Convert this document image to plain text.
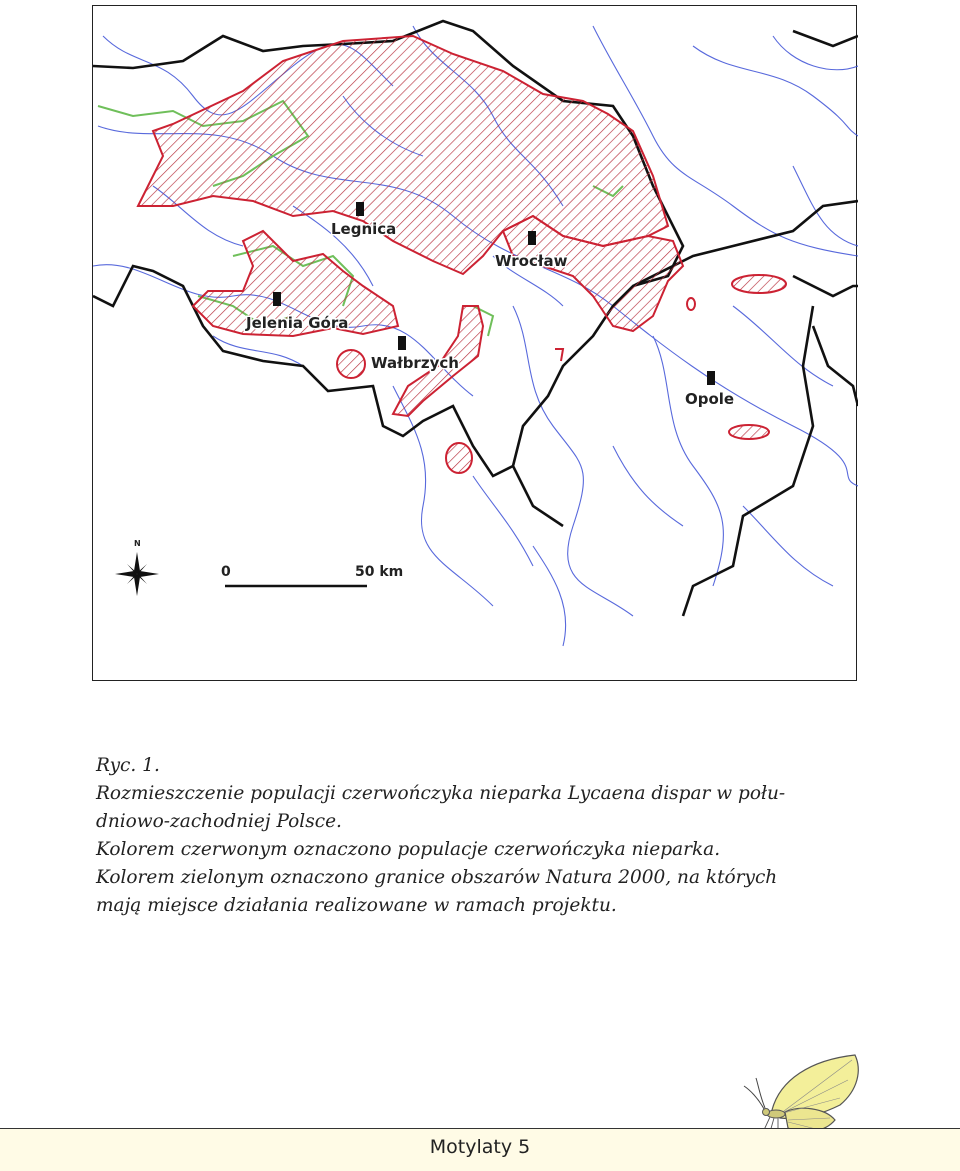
Legnica
Wrocław
Jelenia Góra
Wałbrzych
Opole
N
0	50 km
Ryc. 1.
Rozmieszczenie populacji czerwończyka nieparka Lycaena dispar w połu-
dniowo-zachodniej Polsce.
Kolorem czerwonym oznaczono populacje czerwończyka nieparka.
Kolorem zielonym oznaczono granice obszarów Natura 2000, na których
mają miejsce działania realizowane w ramach projektu.
Motylaty 5
